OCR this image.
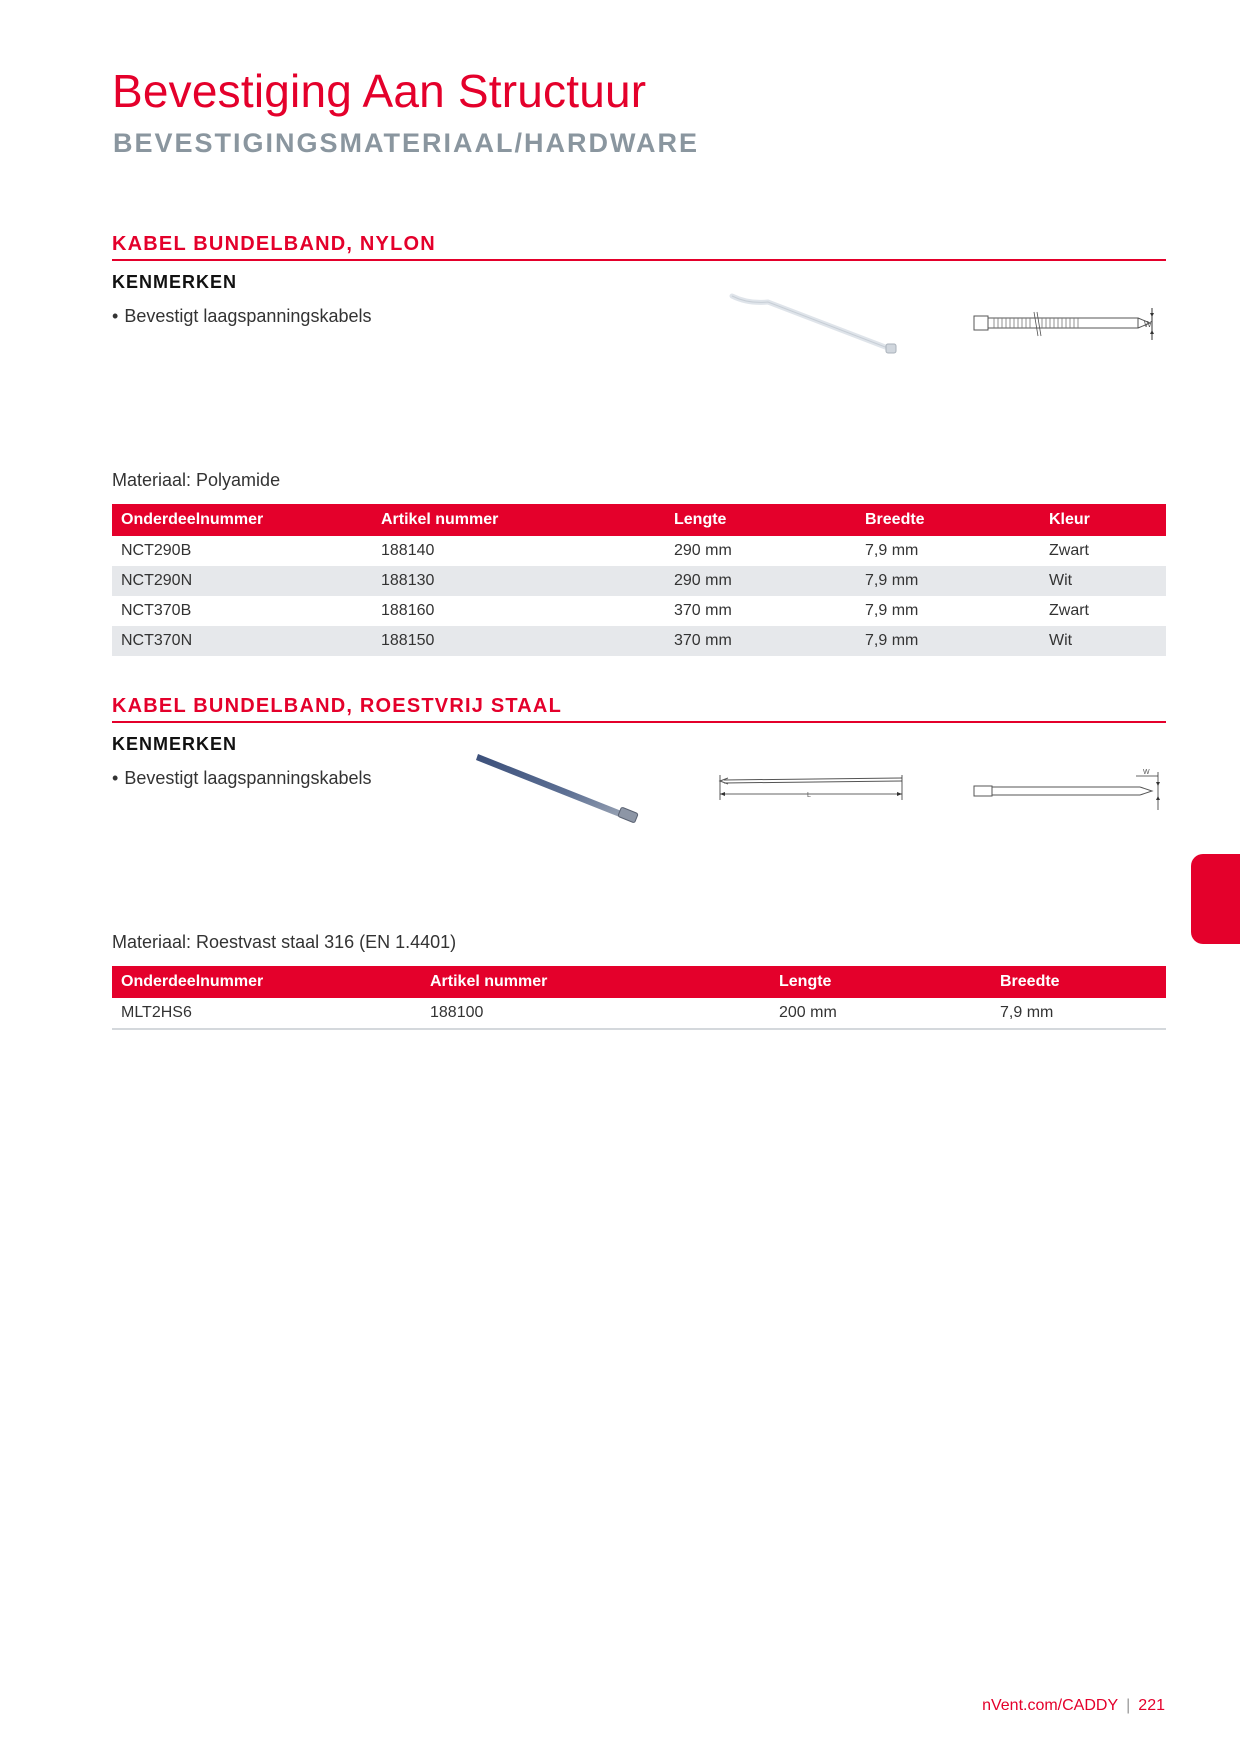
Bevestiging Aan Structuur
BEVESTIGINGSMATERIAAL/HARDWARE
KABEL BUNDELBAND, NYLON
KENMERKEN
• Bevestigt laagspanningskabels	W
Materiaal: Polyamide
Onderdeelnummer	Artikel nummer	Lengte	Breedte	Kleur
NCT290B	188140	290 mm	7,9 mm	Zwart
NCT290N	188130	290 mm	7,9 mm	Wit
NCT370B	188160	370 mm	7,9 mm	Zwart
NCT370N	188150	370 mm	7,9 mm	Wit
KABEL BUNDELBAND, ROESTVRIJ STAAL
KENMERKEN
• Bevestigt laagspanningskabels
L
W
Materiaal: Roestvast staal 316 (EN 1.4401)
Onderdeelnummer	Artikel nummer	Lengte	Breedte
MLT2HS6	188100	200 mm	7,9 mm
nVent.com/CADDY | 221
